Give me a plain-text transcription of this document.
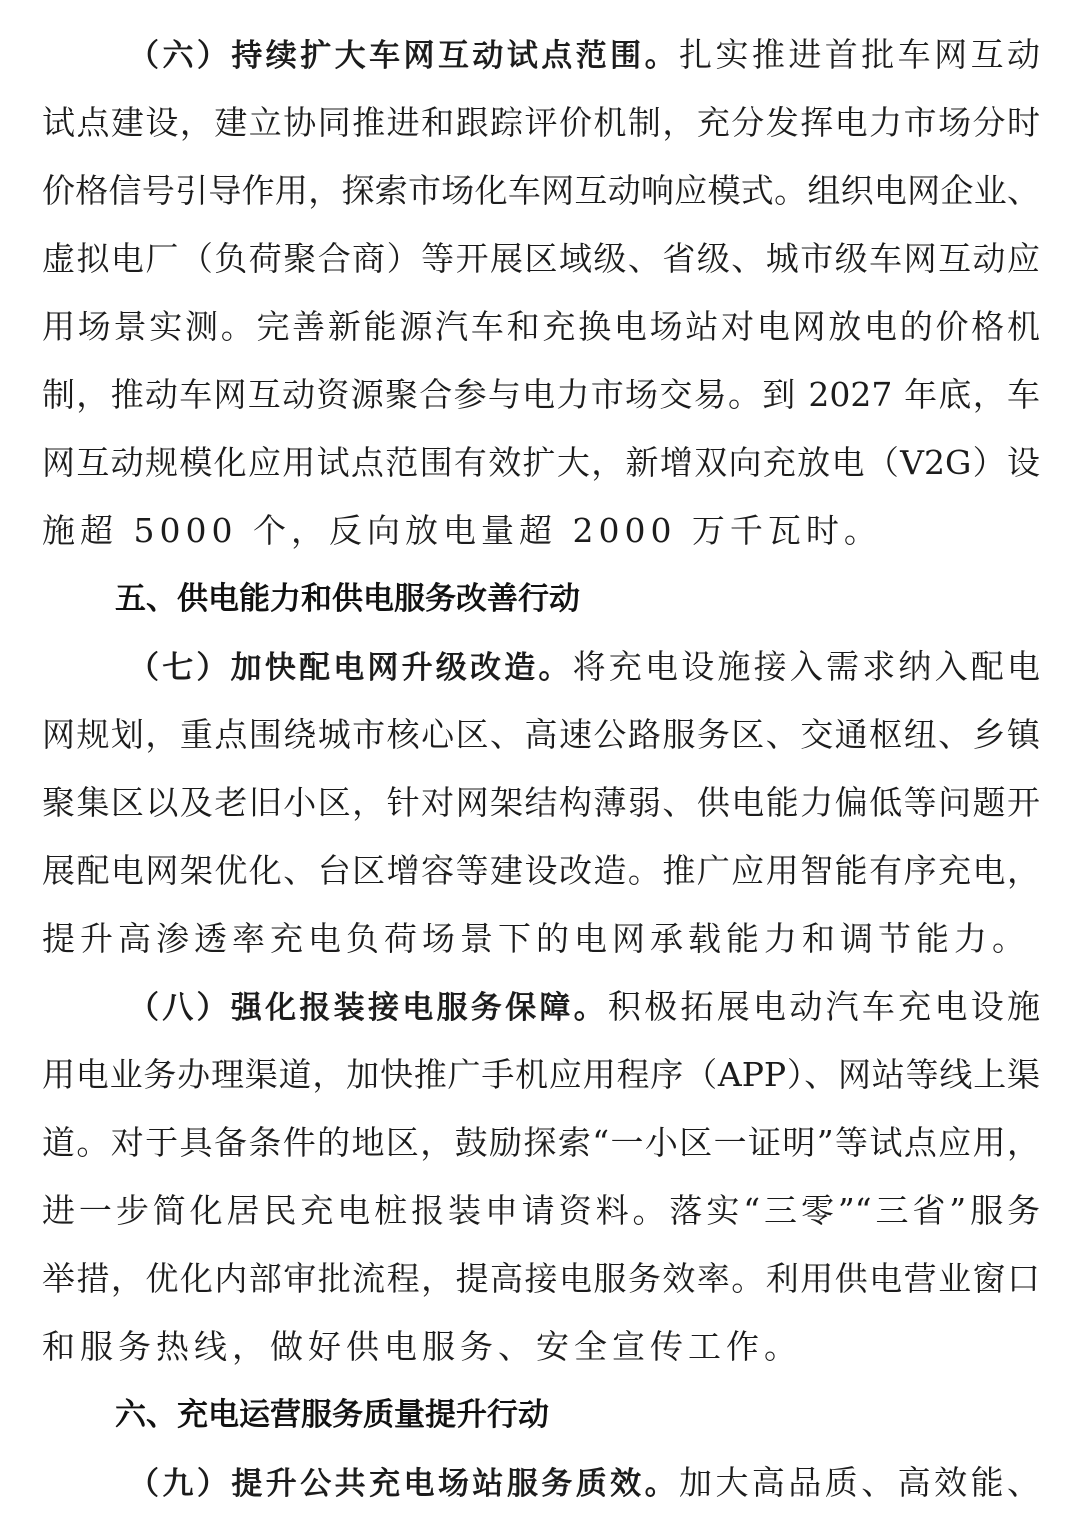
（六）持续扩大车网互动试点范围。扎实推进首批车网互动
试点建设，建立协同推进和跟踪评价机制，充分发挥电力市场分时
价格信号引导作用，探索市场化车网互动响应模式。组织电网企业、
虚拟电厂（负荷聚合商）等开展区域级、省级、城市级车网互动应
用场景实测。完善新能源汽车和充换电场站对电网放电的价格机
制，推动车网互动资源聚合参与电力市场交易。到 2027 年底，车
网互动规模化应用试点范围有效扩大，新增双向充放电（V2G）设
施超 5000 个，反向放电量超 2000 万千瓦时。
五、供电能力和供电服务改善行动
（七）加快配电网升级改造。将充电设施接入需求纳入配电
网规划，重点围绕城市核心区、高速公路服务区、交通枢纽、乡镇
聚集区以及老旧小区，针对网架结构薄弱、供电能力偏低等问题开
展配电网架优化、台区增容等建设改造。推广应用智能有序充电，
提升高渗透率充电负荷场景下的电网承载能力和调节能力。
（八）强化报装接电服务保障。积极拓展电动汽车充电设施
用电业务办理渠道，加快推广手机应用程序（APP）、网站等线上渠
道。对于具备条件的地区，鼓励探索“一小区一证明”等试点应用，
进一步简化居民充电桩报装申请资料。落实“三零”“三省”服务
举措，优化内部审批流程，提高接电服务效率。利用供电营业窗口
和服务热线，做好供电服务、安全宣传工作。
六、充电运营服务质量提升行动
（九）提升公共充电场站服务质效。加大高品质、高效能、
